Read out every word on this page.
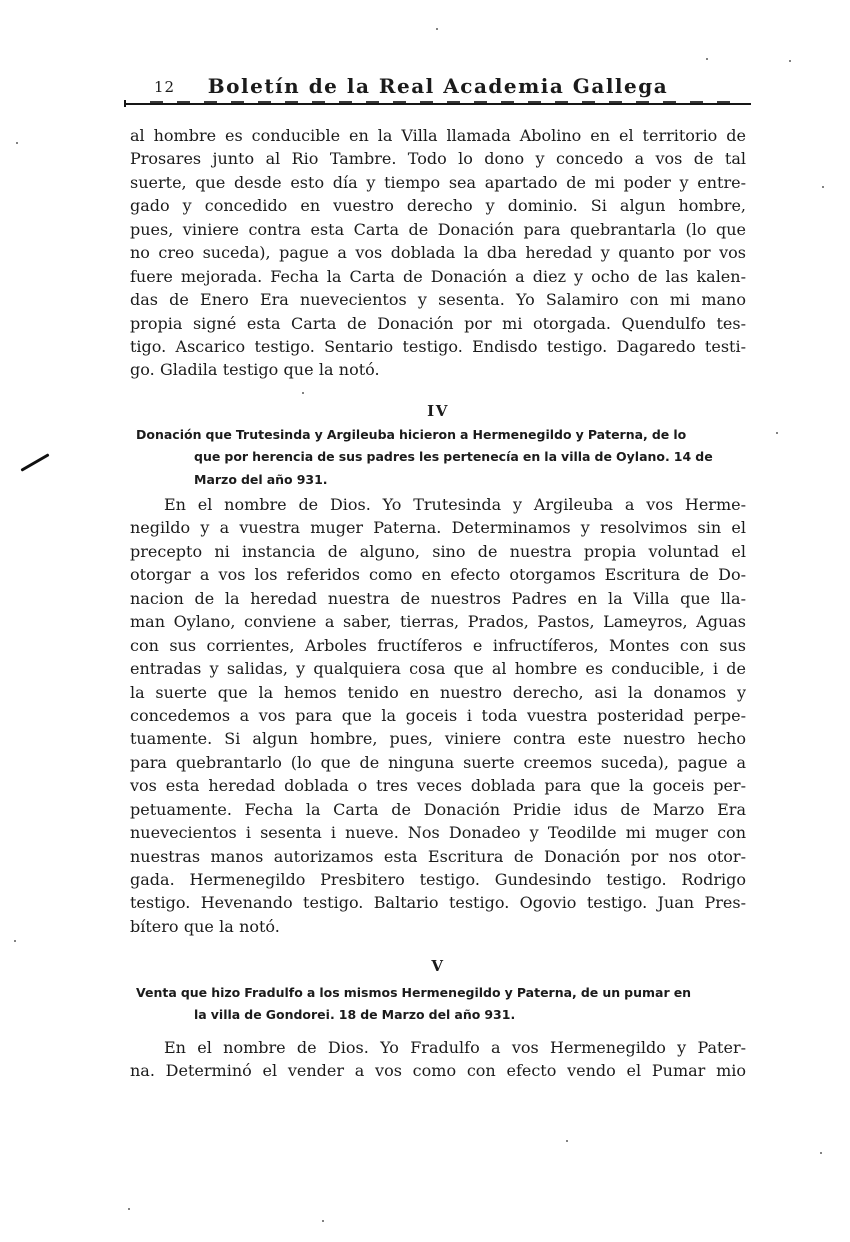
12	Boletín de la Real Academia Gallega
al hombre es conducible en la Villa llamada Abolino en el territorio de
Prosares junto al Rio Tambre. Todo lo dono y concedo a vos de tal
suerte, que desde esto día y tiempo sea apartado de mi poder y entre-
gado y concedido en vuestro derecho y dominio. Si algun hombre,
pues, viniere contra esta Carta de Donación para quebrantarla (lo que
no creo suceda), pague a vos doblada la dba heredad y quanto por vos
fuere mejorada. Fecha la Carta de Donación a diez y ocho de las kalen-
das de Enero Era nuevecientos y sesenta. Yo Salamiro con mi mano
propia signé esta Carta de Donación por mi otorgada. Quendulfo tes-
tigo. Ascarico testigo. Sentario testigo. Endisdo testigo. Dagaredo testi-
go. Gladila testigo que la notó.
IV
Donación que Trutesinda y Argileuba hicieron a Hermenegildo y Paterna, de lo
que por herencia de sus padres les pertenecía en la villa de Oylano. 14 de
Marzo del año 931.
En el nombre de Dios. Yo Trutesinda y Argileuba a vos Herme-
negildo y a vuestra muger Paterna. Determinamos y resolvimos sin el
precepto ni instancia de alguno, sino de nuestra propia voluntad el
otorgar a vos los referidos como en efecto otorgamos Escritura de Do-
nacion de la heredad nuestra de nuestros Padres en la Villa que lla-
man Oylano, conviene a saber, tierras, Prados, Pastos, Lameyros, Aguas
con sus corrientes, Arboles fructíferos e infructíferos, Montes con sus
entradas y salidas, y qualquiera cosa que al hombre es conducible, i de
la suerte que la hemos tenido en nuestro derecho, asi la donamos y
concedemos a vos para que la goceis i toda vuestra posteridad perpe-
tuamente. Si algun hombre, pues, viniere contra este nuestro hecho
para quebrantarlo (lo que de ninguna suerte creemos suceda), pague a
vos esta heredad doblada o tres veces doblada para que la goceis per-
petuamente. Fecha la Carta de Donación Pridie idus de Marzo Era
nuevecientos i sesenta i nueve. Nos Donadeo y Teodilde mi muger con
nuestras manos autorizamos esta Escritura de Donación por nos otor-
gada. Hermenegildo Presbitero testigo. Gundesindo testigo. Rodrigo
testigo. Hevenando testigo. Baltario testigo. Ogovio testigo. Juan Pres-
bítero que la notó.
V
Venta que hizo Fradulfo a los mismos Hermenegildo y Paterna, de un pumar en
la villa de Gondorei. 18 de Marzo del año 931.
En el nombre de Dios. Yo Fradulfo a vos Hermenegildo y Pater-
na. Determinó el vender a vos como con efecto vendo el Pumar mio
